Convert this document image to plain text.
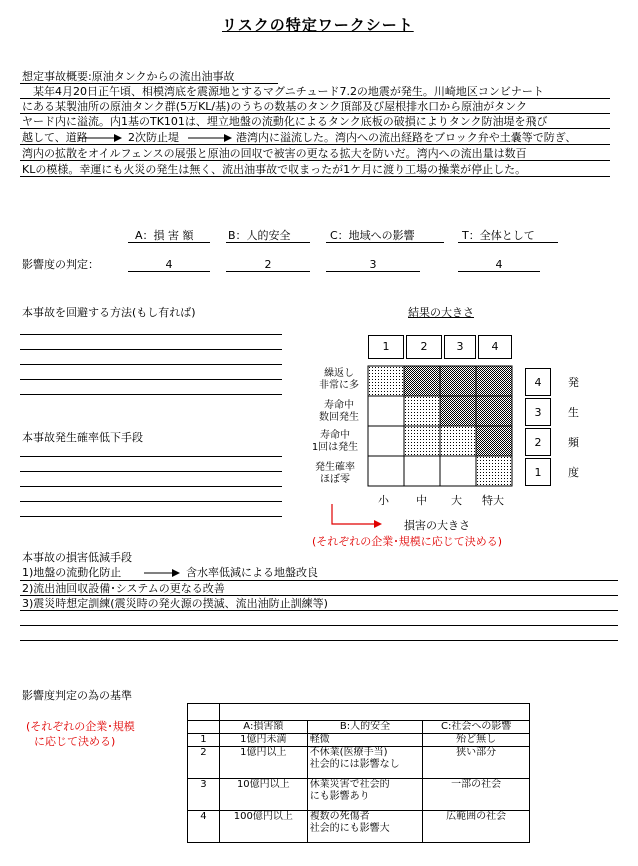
リスクの特定ワークシート
想定事故概要:原油タンクからの流出油事故
　某年4月20日正午頃、相模湾底を震源地とするマグニチュード7.2の地震が発生。川崎地区コンビナート
にある某製油所の原油タンク群(5万KL/基)のうちの数基のタンク頂部及び屋根排水口から原油がタンク
ヤード内に溢流。内1基のTK101は、埋立地盤の流動化によるタンク底板の破損によりタンク防油堤を飛び
越して、道路	2次防止堤	港湾内に溢流した。湾内への流出経路をブロック弁や土嚢等で防ぎ、
湾内の拡散をオイルフェンスの展張と原油の回収で被害の更なる拡大を防いだ。湾内への流出量は数百
KLの模様。幸運にも火災の発生は無く、流出油事故で収まったが1ケ月に渡り工場の操業が停止した。
A：損 害 額	B：人的安全	C：地域への影響	T：全体として
影響度の判定：	4	2	3	4
本事故を回避する方法(もし有れば)
本事故発生確率低下手段
結果の大きさ
1	2	3	4
繰返し
非常に多
寿命中
数回発生
寿命中
1回は発生
発生確率
ほぼ零
4
3
2
1
発
生
頻
度
小 中 大 特大
損害の大きさ
(それぞれの企業･規模に応じて決める)
本事故の損害低減手段
1)地盤の流動化防止	含水率低減による地盤改良
2)流出油回収設備･システムの更なる改善
3)震災時想定訓練(震災時の発火源の撲滅、流出油防止訓練等)
影響度判定の為の基準
(それぞれの企業･規模
に応じて決める)
	A:損害額	B:人的安全	C:社会への影響
1	1億円未満	軽微	殆ど無し
2	1億円以上	不休業(医療手当)
社会的には影響なし	狭い部分
3	10億円以上	休業災害で社会的
にも影響あり	一部の社会
4	100億円以上	複数の死傷者
社会的にも影響大	広範囲の社会
